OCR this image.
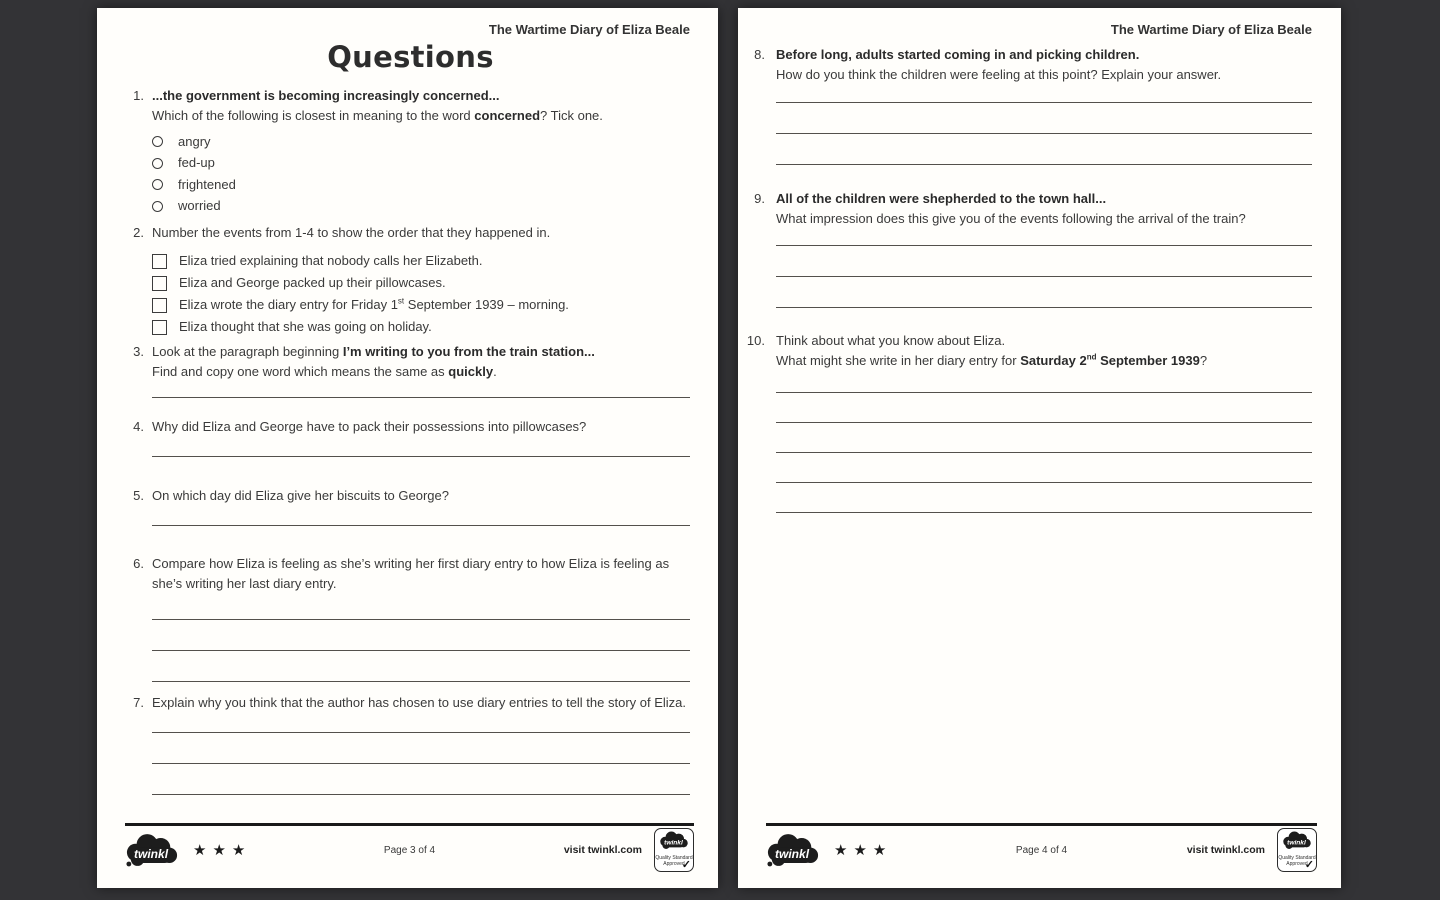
The Wartime Diary of Eliza Beale
Questions
1. ...the government is becoming increasingly concerned...
Which of the following is closest in meaning to the word concerned? Tick one.
angry
fed-up
frightened
worried
2. Number the events from 1-4 to show the order that they happened in.
Eliza tried explaining that nobody calls her Elizabeth.
Eliza and George packed up their pillowcases.
Eliza wrote the diary entry for Friday 1st September 1939 – morning.
Eliza thought that she was going on holiday.
3. Look at the paragraph beginning I’m writing to you from the train station...
Find and copy one word which means the same as quickly.
4. Why did Eliza and George have to pack their possessions into pillowcases?
5. On which day did Eliza give her biscuits to George?
6. Compare how Eliza is feeling as she’s writing her first diary entry to how Eliza is feeling as she’s writing her last diary entry.
7. Explain why you think that the author has chosen to use diary entries to tell the story of Eliza.
twinkl ★★★	Page 3 of 4	visit twinkl.com
twinkl
Quality Standard
Approved
✓
The Wartime Diary of Eliza Beale
8. Before long, adults started coming in and picking children.
How do you think the children were feeling at this point? Explain your answer.
9. All of the children were shepherded to the town hall...
What impression does this give you of the events following the arrival of the train?
10. Think about what you know about Eliza.
What might she write in her diary entry for Saturday 2nd September 1939?
twinkl ★★★	Page 4 of 4	visit twinkl.com
twinkl
Quality Standard
Approved
✓
